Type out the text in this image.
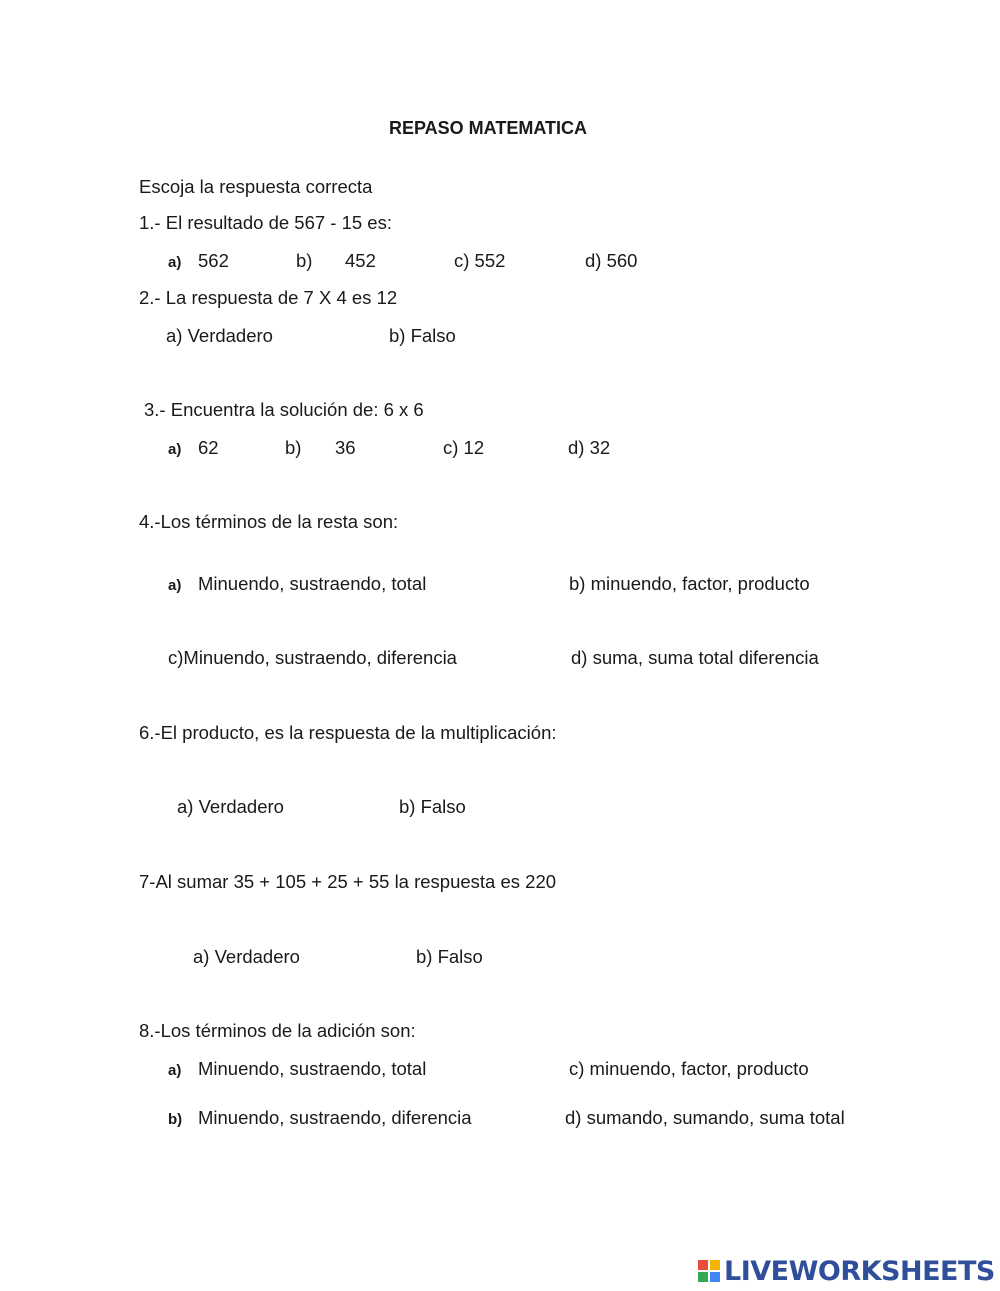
REPASO MATEMATICA
Escoja la respuesta correcta
1.- El resultado de 567 - 15 es:
a) 562	b) 452	c) 552	d) 560
2.- La respuesta de 7 X 4 es 12
a) Verdadero	b) Falso
3.- Encuentra la solución de: 6 x 6
a) 62	b) 36	c) 12	d) 32
4.-Los términos de la resta son:
a) Minuendo, sustraendo, total	b) minuendo, factor, producto
c)Minuendo, sustraendo, diferencia	d) suma, suma total diferencia
6.-El producto, es la respuesta de la multiplicación:
a) Verdadero	b) Falso
7-Al sumar 35 + 105 + 25 + 55 la respuesta es 220
a) Verdadero	b) Falso
8.-Los términos de la adición son:
a) Minuendo, sustraendo, total	c) minuendo, factor, producto
b) Minuendo, sustraendo, diferencia	d) sumando, sumando, suma total
LIVEWORKSHEETS
